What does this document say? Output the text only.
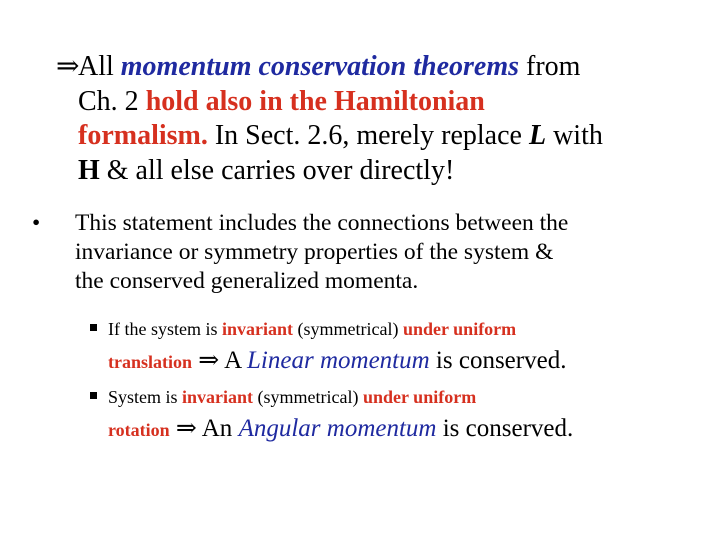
⇒
All momentum conservation theorems from
Ch. 2 hold also in the Hamiltonian
formalism. In Sect. 2.6, merely replace L with
H & all else carries over directly!
•	This statement includes the connections between the
invariance or symmetry properties of the system &
the conserved generalized momenta.
If the system is invariant (symmetrical) under uniform
translation ⇒ A Linear momentum is conserved.
System is invariant (symmetrical) under uniform
rotation ⇒ An Angular momentum is conserved.
